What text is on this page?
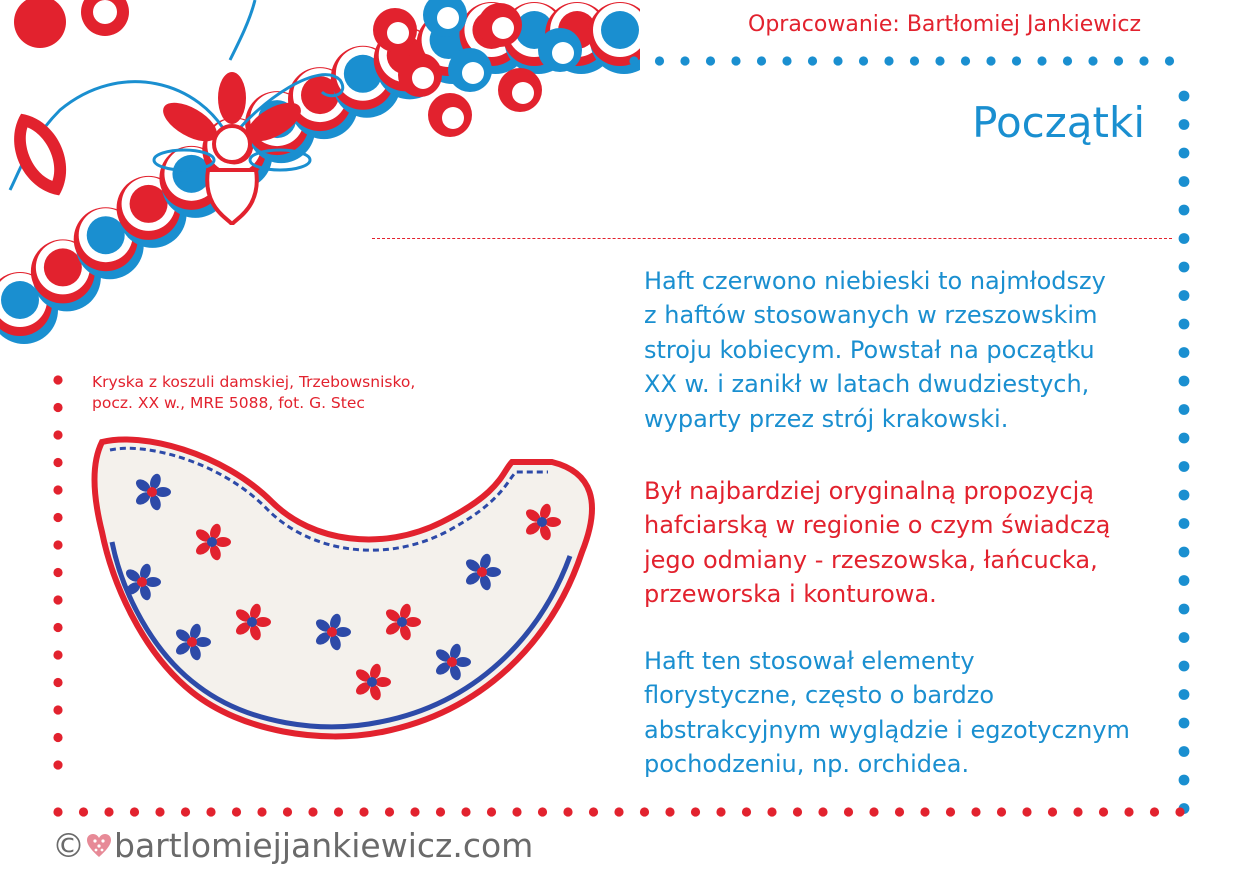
Opracowanie: Bartłomiej Jankiewicz
Początki
Kryska z koszuli damskiej, Trzebowsnisko,
pocz. XX w., MRE 5088, fot. G. Stec

Haft czerwono niebieski to najmłodszy

z haftów stosowanych w rzeszowskim

stroju kobiecym. Powstał na początku

XX w. i zanikł w latach dwudziestych,

wyparty przez strój krakowski.

Był najbardziej oryginalną propozycją

hafciarską w regionie o czym świadczą

jego odmiany - rzeszowska, łańcucka,

przeworska i konturowa.

Haft ten stosował elementy

florystyczne, często o bardzo

abstrakcyjnym wyglądzie i egzotycznym

pochodzeniu, np. orchidea.

© bartlomiejjankiewicz.com
